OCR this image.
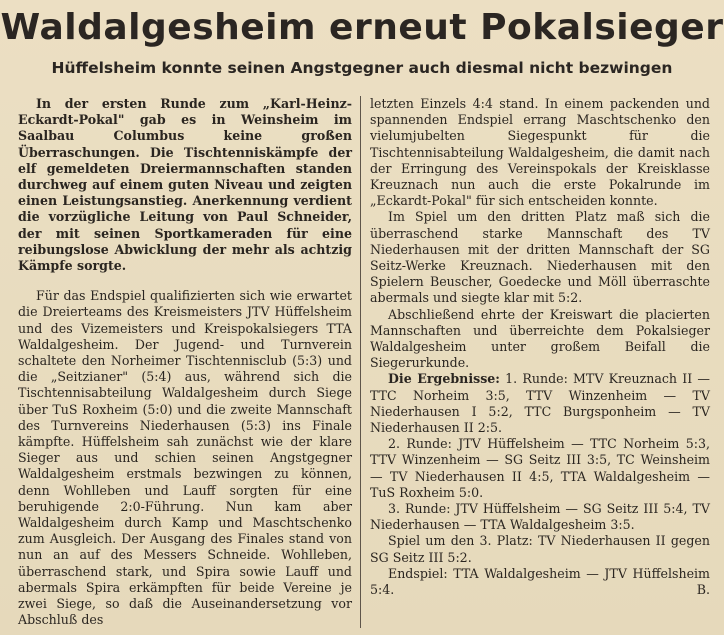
Waldalgesheim erneut Pokalsieger
Hüffelsheim konnte seinen Angstgegner auch diesmal nicht bezwingen

In der ersten Runde zum „Karl-Heinz-Eckardt-Pokal" gab es in Weinsheim im Saalbau Columbus keine großen Überraschungen. Die Tischtenniskämpfe der elf gemeldeten Dreiermannschaften standen durchweg auf einem guten Niveau und zeigten einen Leistungsanstieg. Anerkennung verdient die vorzügliche Leitung von Paul Schneider, der mit seinen Sportkameraden für eine reibungslose Abwicklung der mehr als achtzig Kämpfe sorgte.

Für das Endspiel qualifizierten sich wie erwartet die Dreierteams des Kreismeisters JTV Hüffelsheim und des Vizemeisters und Kreispokalsiegers TTA Waldalgesheim. Der Jugend- und Turnverein schaltete den Norheimer Tischtennisclub (5:3) und die „Seitzianer" (5:4) aus, während sich die Tischtennisabteilung Waldalgesheim durch Siege über TuS Roxheim (5:0) und die zweite Mannschaft des Turnvereins Niederhausen (5:3) ins Finale kämpfte. Hüffelsheim sah zunächst wie der klare Sieger aus und schien seinen Angstgegner Waldalgesheim erstmals bezwingen zu können, denn Wohlleben und Lauff sorgten für eine beruhigende 2:0-Führung. Nun kam aber Waldalgesheim durch Kamp und Maschtschenko zum Ausgleich. Der Ausgang des Finales stand von nun an auf des Messers Schneide. Wohlleben, überraschend stark, und Spira sowie Lauff und abermals Spira erkämpften für beide Vereine je zwei Siege, so daß die Auseinandersetzung vor Abschluß des

letzten Einzels 4:4 stand. In einem packenden und spannenden Endspiel errang Maschtschenko den vielumjubelten Siegespunkt für die Tischtennisabteilung Waldalgesheim, die damit nach der Erringung des Vereinspokals der Kreisklasse Kreuznach nun auch die erste Pokalrunde im „Eckardt-Pokal" für sich entscheiden konnte.

Im Spiel um den dritten Platz maß sich die überraschend starke Mannschaft des TV Niederhausen mit der dritten Mannschaft der SG Seitz-Werke Kreuznach. Niederhausen mit den Spielern Beuscher, Goedecke und Möll überraschte abermals und siegte klar mit 5:2.

Abschließend ehrte der Kreiswart die placierten Mannschaften und überreichte dem Pokalsieger Waldalgesheim unter großem Beifall die Siegerurkunde.

Die Ergebnisse: 1. Runde: MTV Kreuznach II — TTC Norheim 3:5, TTV Winzenheim — TV Niederhausen I 5:2, TTC Burgsponheim — TV Niederhausen II 2:5.

2. Runde: JTV Hüffelsheim — TTC Norheim 5:3, TTV Winzenheim — SG Seitz III 3:5, TC Weinsheim — TV Niederhausen II 4:5, TTA Waldalgesheim — TuS Roxheim 5:0.

3. Runde: JTV Hüffelsheim — SG Seitz III 5:4, TV Niederhausen — TTA Waldalgesheim 3:5.

Spiel um den 3. Platz: TV Niederhausen II gegen SG Seitz III 5:2.

Endspiel: TTA Waldalgesheim — JTV Hüffelsheim 5:4.	B.
